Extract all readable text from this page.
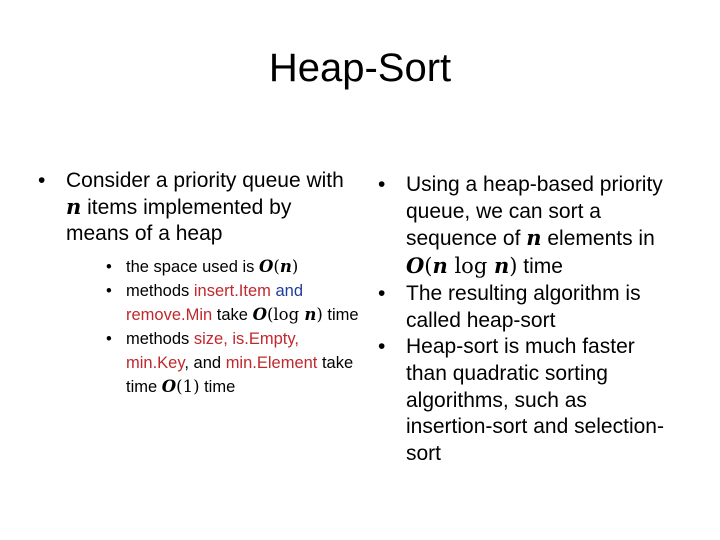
Heap-Sort
• Consider a priority queue with n items implemented by means of a heap
• the space used is O(n)
• methods insert.Item and remove.Min take O(log n) time
• methods size, is.Empty, min.Key, and min.Element take time O(1) time
• Using a heap-based priority queue, we can sort a sequence of n elements in O(n log n) time
• The resulting algorithm is called heap-sort
• Heap-sort is much faster than quadratic sorting algorithms, such as insertion-sort and selection-sort
